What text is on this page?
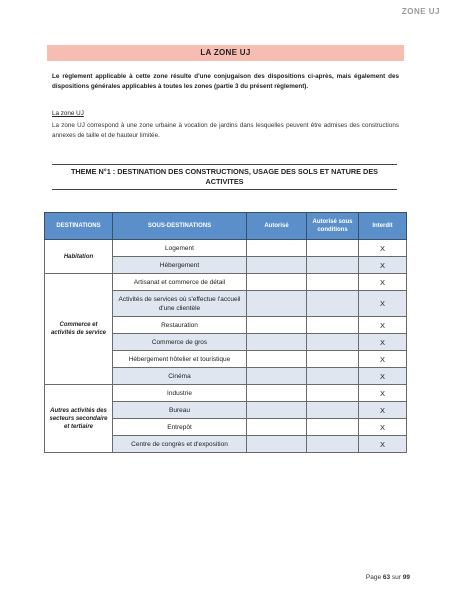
ZONE UJ
LA ZONE UJ
Le règlement applicable à cette zone résulte d'une conjugaison des dispositions ci-après, mais également des dispositions générales applicables à toutes les zones (partie 3 du présent règlement).
La zone UJ
La zone UJ correspond à une zone urbaine à vocation de jardins dans lesquelles peuvent être admises des constructions annexes de taille et de hauteur limitée.
THEME N°1 : DESTINATION DES CONSTRUCTIONS, USAGE DES SOLS ET NATURE DES ACTIVITES
DESTINATIONS	SOUS-DESTINATIONS	Autorisé	Autorisé sous conditions	Interdit
Habitation	Logement			X
	Hébergement			X
Commerce et activités de service	Artisanat et commerce de détail			X
	Activités de services où s'effectue l'accueil d'une clientèle			X
	Restauration			X
	Commerce de gros			X
	Hébergement hôtelier et touristique			X
	Cinéma			X
Autres activités des secteurs secondaire et tertiaire	Industrie			X
	Bureau			X
	Entrepôt			X
	Centre de congrès et d'exposition			X
Page 63 sur 99
